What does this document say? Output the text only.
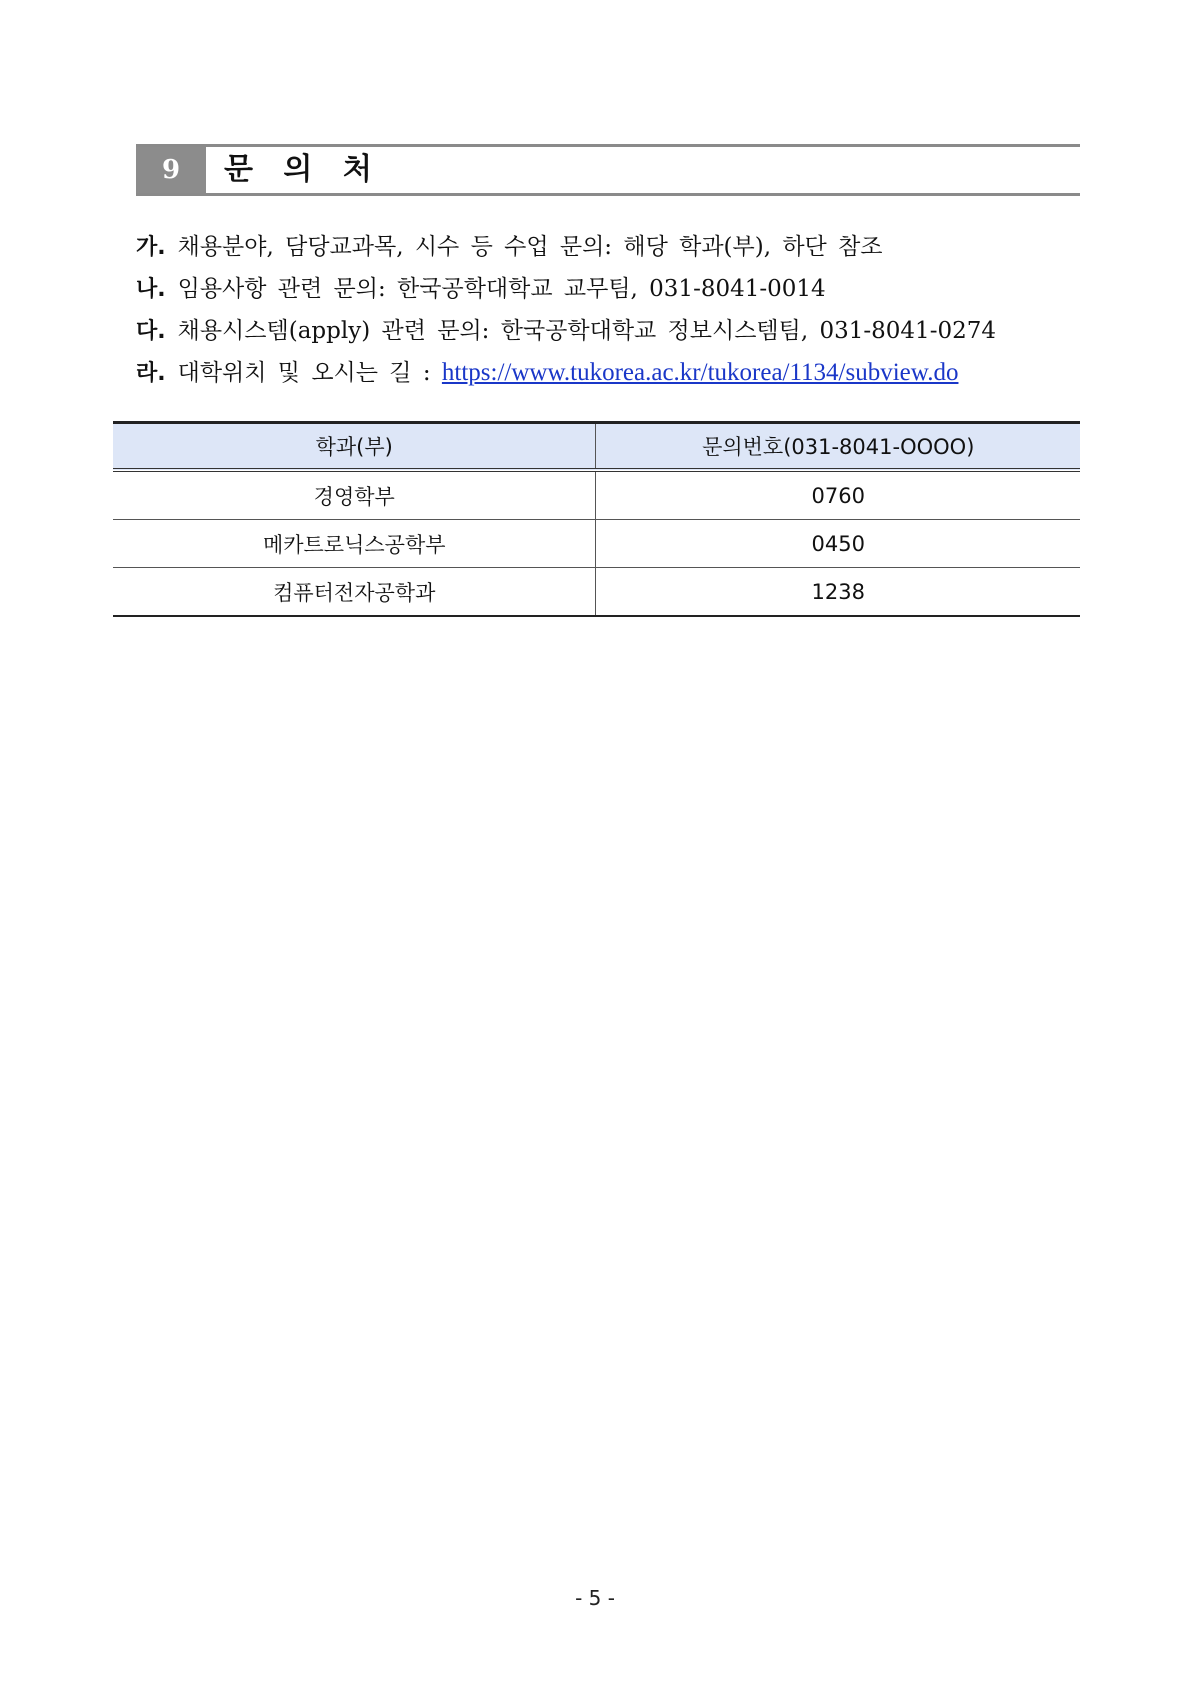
9	문 의 처
가. 채용분야, 담당교과목, 시수 등 수업 문의: 해당 학과(부), 하단 참조
나. 임용사항 관련 문의: 한국공학대학교 교무팀, 031-8041-0014
다. 채용시스템(apply) 관련 문의: 한국공학대학교 정보시스템팀, 031-8041-0274
라. 대학위치 및 오시는 길 : https://www.tukorea.ac.kr/tukorea/1134/subview.do
학과(부)	문의번호(031-8041-OOOO)
경영학부	0760
메카트로닉스공학부	0450
컴퓨터전자공학과	1238
- 5 -
